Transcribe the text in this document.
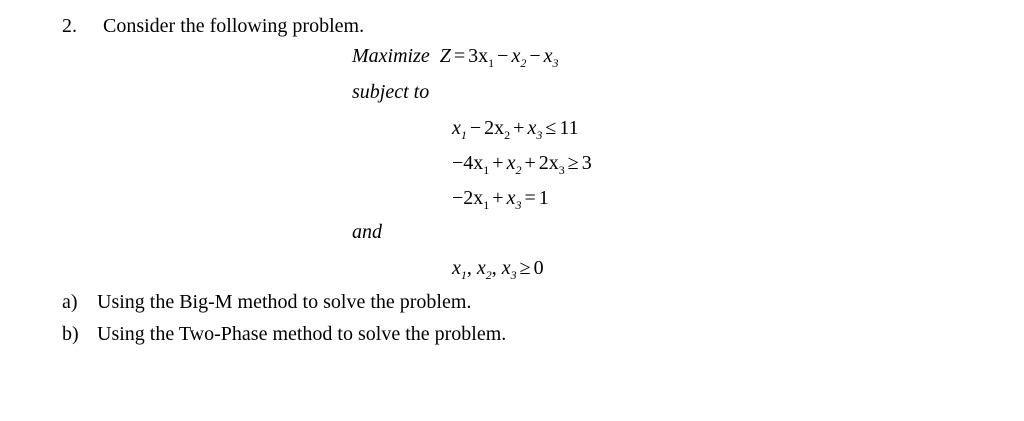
2. Consider the following problem.
Maximize $Z = 3x_1 - x_2 - x_3$
subject to
$x_1 - 2x_2 + x_3 \le 11$
$-4x_1 + x_2 + 2x_3 \ge 3$
$-2x_1 + x_3 = 1$
and
$x_1$, $x_2$, $x_3 \ge 0$
a) Using the Big-M method to solve the problem.
b) Using the Two-Phase method to solve the problem.
